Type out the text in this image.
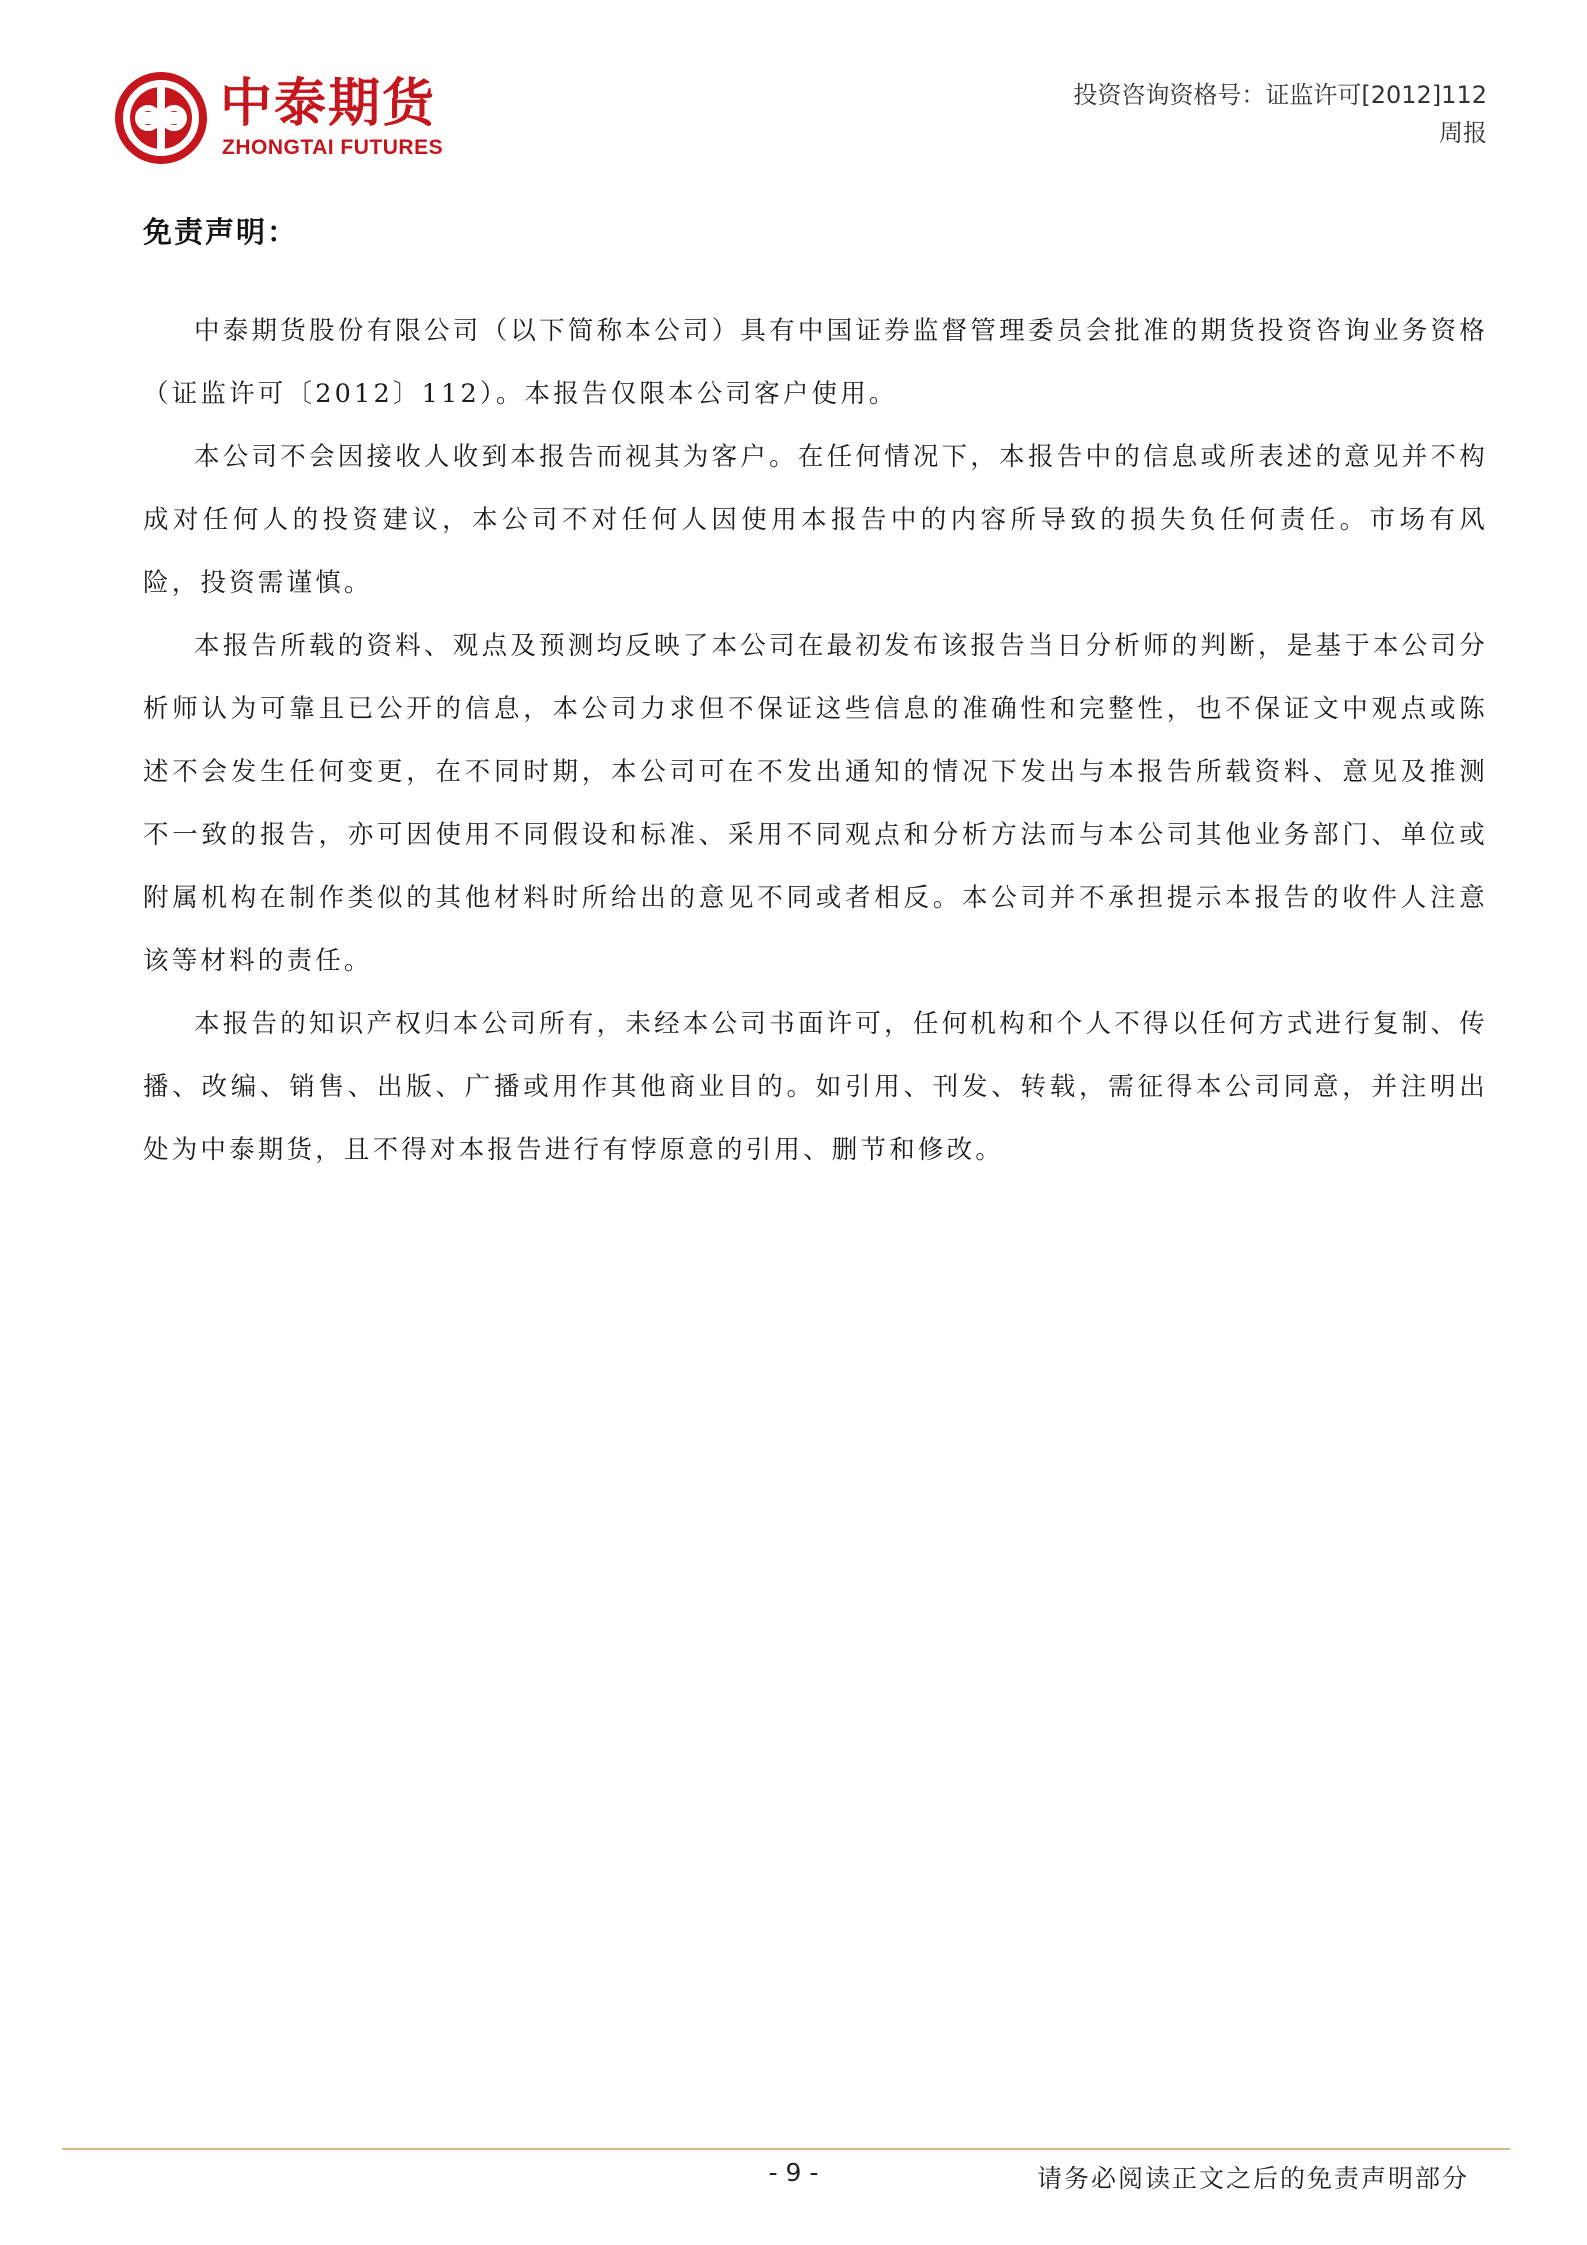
中泰期货
ZHONGTAI FUTURES
投资咨询资格号：证监许可[2012]112
周报
免责声明：

中泰期货股份有限公司（以下简称本公司）具有中国证券监督管理委员会批准的期货投资咨询业务资格（证监许可〔2012〕112）。本报告仅限本公司客户使用。

本公司不会因接收人收到本报告而视其为客户。在任何情况下，本报告中的信息或所表述的意见并不构成对任何人的投资建议，本公司不对任何人因使用本报告中的内容所导致的损失负任何责任。市场有风险，投资需谨慎。

本报告所载的资料、观点及预测均反映了本公司在最初发布该报告当日分析师的判断，是基于本公司分析师认为可靠且已公开的信息，本公司力求但不保证这些信息的准确性和完整性，也不保证文中观点或陈述不会发生任何变更，在不同时期，本公司可在不发出通知的情况下发出与本报告所载资料、意见及推测不一致的报告，亦可因使用不同假设和标准、采用不同观点和分析方法而与本公司其他业务部门、单位或附属机构在制作类似的其他材料时所给出的意见不同或者相反。本公司并不承担提示本报告的收件人注意该等材料的责任。

本报告的知识产权归本公司所有，未经本公司书面许可，任何机构和个人不得以任何方式进行复制、传播、改编、销售、出版、广播或用作其他商业目的。如引用、刊发、转载，需征得本公司同意，并注明出处为中泰期货，且不得对本报告进行有悖原意的引用、删节和修改。

- 9 -	请务必阅读正文之后的免责声明部分
